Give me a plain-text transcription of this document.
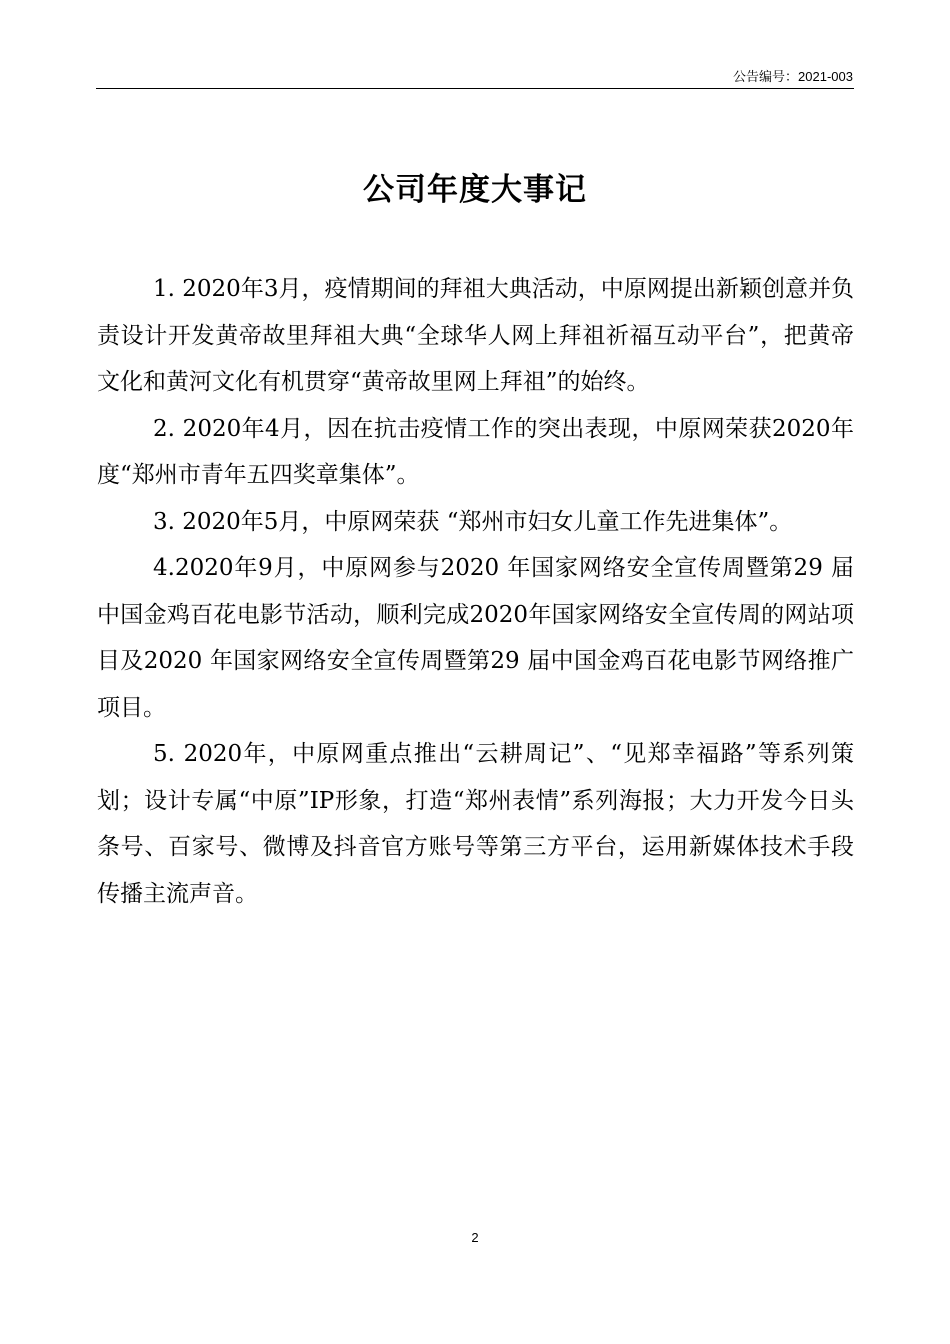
公告编号：2021-003
公司年度大事记

1. 2020年3月，疫情期间的拜祖大典活动，中原网提出新颖创意并负责设计开发黄帝故里拜祖大典“全球华人网上拜祖祈福互动平台”，把黄帝文化和黄河文化有机贯穿“黄帝故里网上拜祖”的始终。

2. 2020年4月，因在抗击疫情工作的突出表现，中原网荣获2020年度“郑州市青年五四奖章集体”。

3. 2020年5月，中原网荣获 “郑州市妇女儿童工作先进集体”。

4.2020年9月，中原网参与2020 年国家网络安全宣传周暨第29 届中国金鸡百花电影节活动，顺利完成2020年国家网络安全宣传周的网站项目及2020 年国家网络安全宣传周暨第29 届中国金鸡百花电影节网络推广项目。

5. 2020年，中原网重点推出“云耕周记”、“见郑幸福路”等系列策划；设计专属“中原”IP形象，打造“郑州表情”系列海报；大力开发今日头条号、百家号、微博及抖音官方账号等第三方平台，运用新媒体技术手段传播主流声音。

2
